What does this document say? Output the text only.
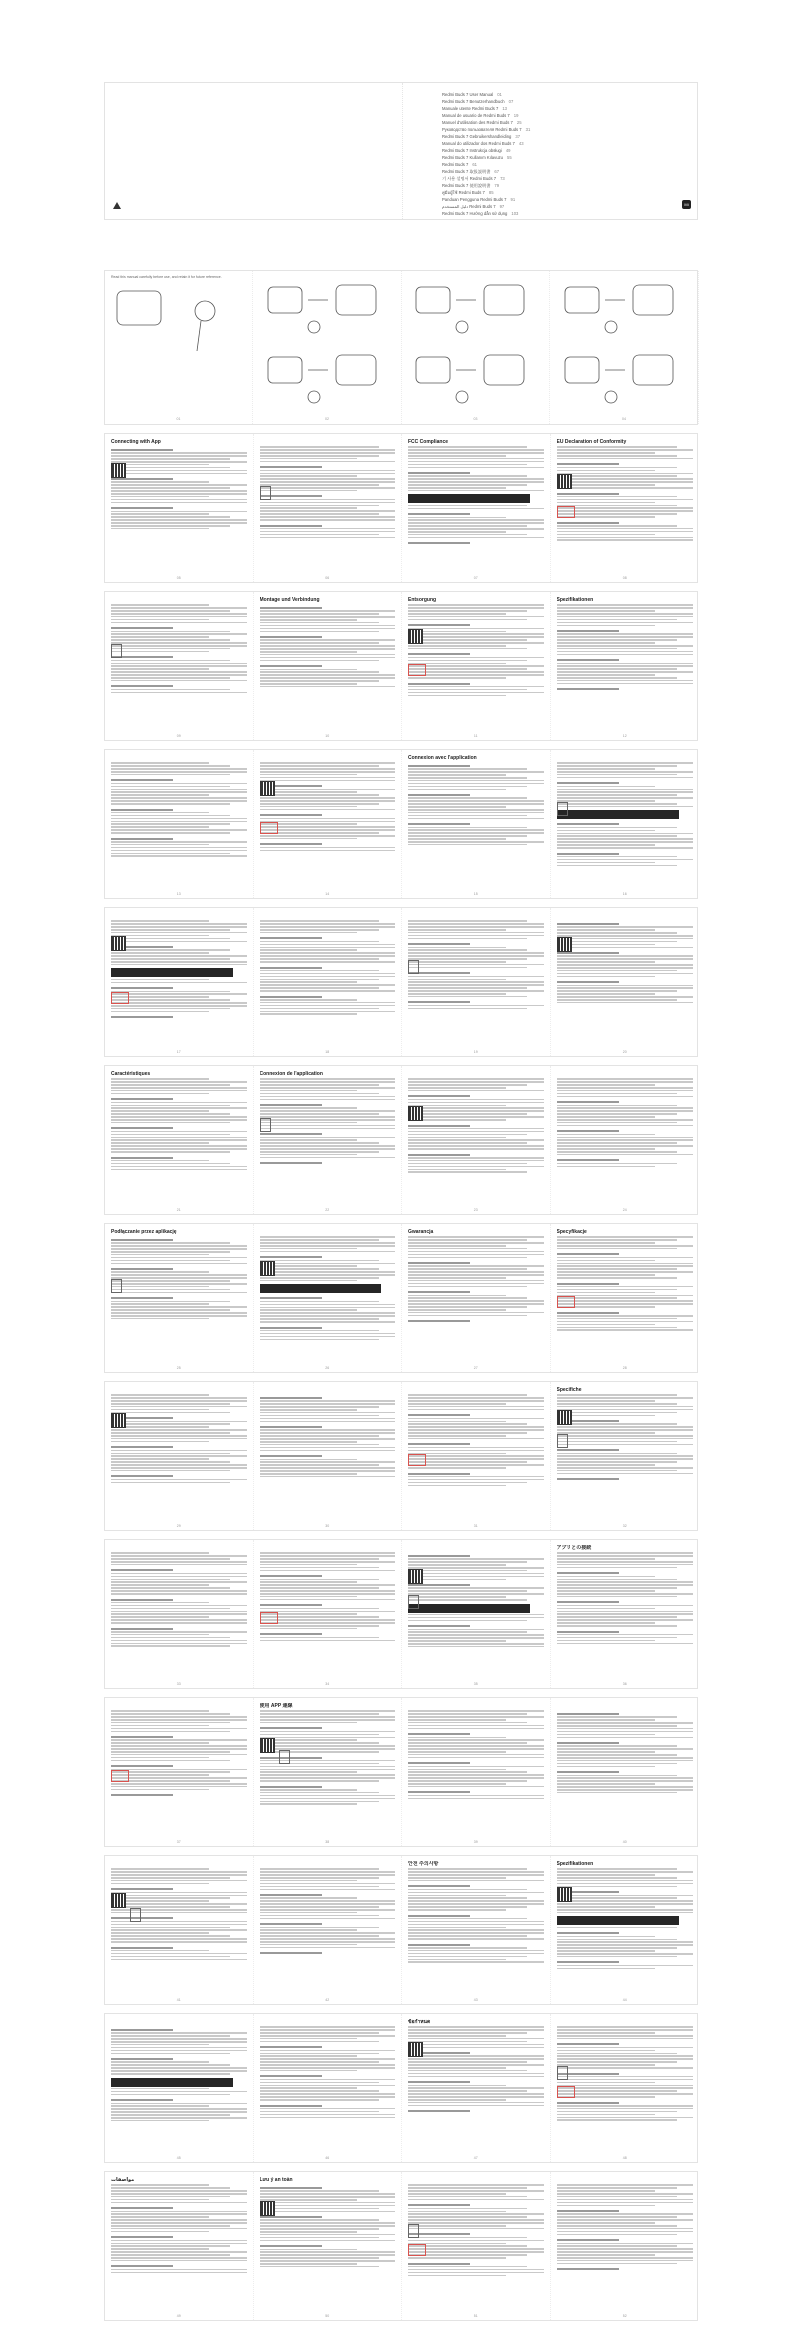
Redmi Buds 7 User Manual 01
Redmi Buds 7 Benutzerhandbuch 07
Manuale utente Redmi Buds 7 13
Manual de usuario de Redmi Buds 7 19
Manuel d'utilisation des Redmi Buds 7 25
Руководство пользователя Redmi Buds 7 31
Redmi Buds 7 Gebruikershandleiding 37
Manual do utilizador dos Redmi Buds 7 43
Redmi Buds 7 Instrukcja obsługi 49
Redmi Buds 7 Kullanım Kılavuzu 55
Redmi Buds 7 61
Redmi Buds 7 取扱説明書 67
기 사용 설명서 Redmi Buds 7 73
Redmi Buds 7 使用說明書 79
คู่มือผู้ใช้ Redmi Buds 7 85
Panduan Pengguna Redmi Buds 7 91
دليل المستخدم Redmi Buds 7 97
Redmi Buds 7 Hướng dẫn sử dụng 103
Mi
Read this manual carefully before use, and retain it for future reference.
01	02	03	04
Connecting with App
05	06
FCC Compliance
07
EU Declaration of Conformity
08
09
Montage und Verbindung
10
Entsorgung
11
Spezifikationen
12
13	14
Connexion avec l'application
15	16
17	18	19	20
Caractéristiques
21
Connexion de l'application
22	23	24
Podłączanie przez aplikację
25	26
Gwarancja
27
Specyfikacje
28
29	30	31
Specifiche
32
33	34	35
アプリとの接続
36
37
使用 APP 連線
38	39	40
41	42
안전 주의사항
43
Spezifikationen
44
45	46
ข้อกำหนด
47	48
مواصفات
49
Lưu ý an toàn
50	51	52
